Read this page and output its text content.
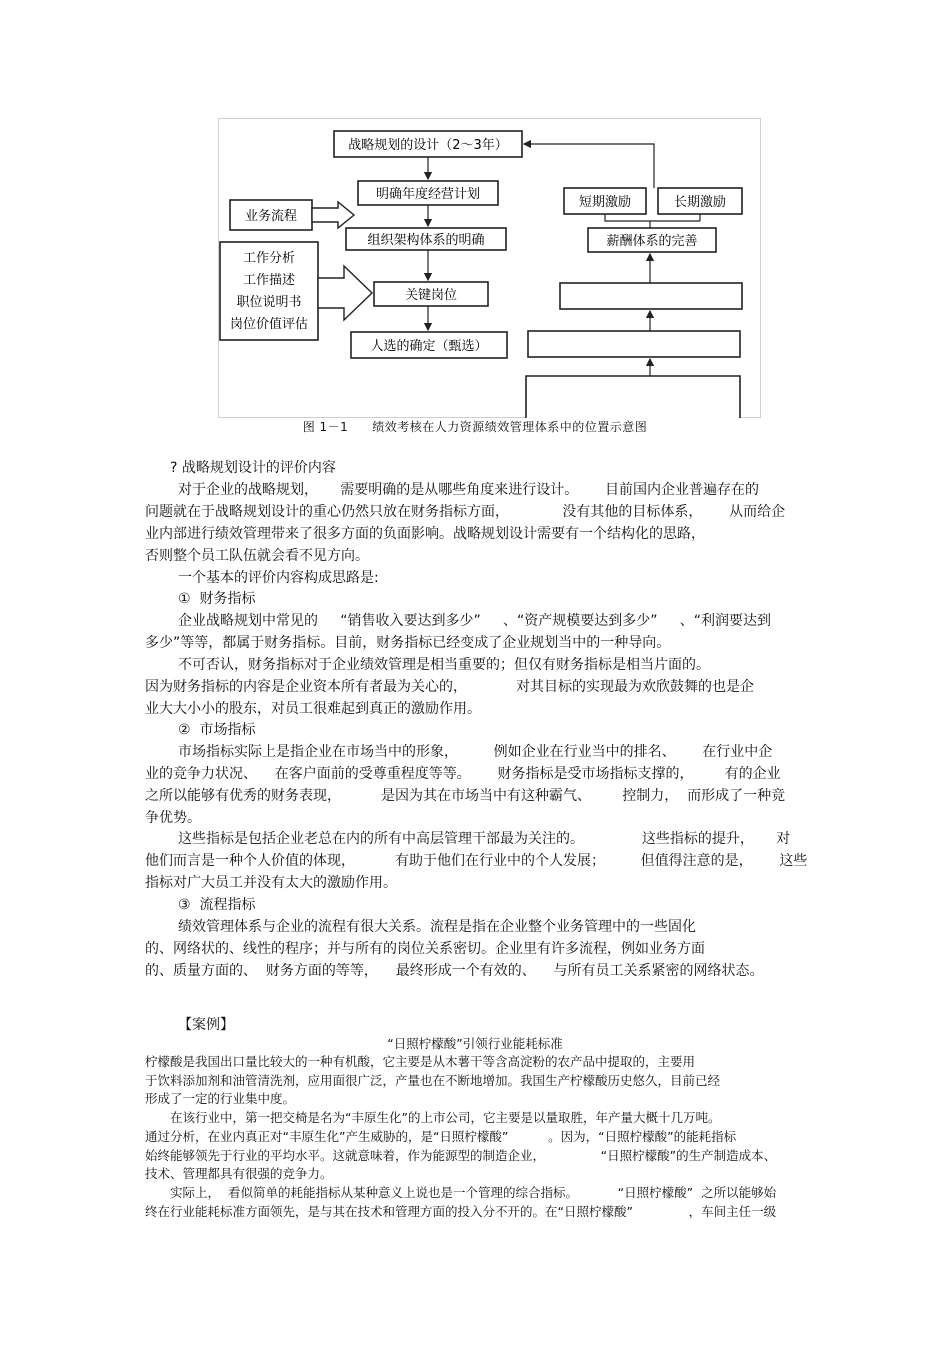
战略规划的设计（2～3年）
明确年度经营计划
组织架构体系的明确
关键岗位
人选的确定（甄选）
业务流程
工作分析
工作描述
职位说明书
岗位价值评估
短期激励	长期激励
薪酬体系的完善
图 1－1 绩效考核在人力资源绩效管理体系中的位置示意图
? 战略规划设计的评价内容
对于企业的战略规划，     需要明确的是从哪些角度来进行设计。      目前国内企业普遍存在的
问题就在于战略规划设计的重心仍然只放在财务指标方面，            没有其他的目标体系，      从而给企
业内部进行绩效管理带来了很多方面的负面影响。战略规划设计需要有一个结构化的思路，
否则整个员工队伍就会看不见方向。
一个基本的评价内容构成思路是:
①  财务指标
企业战略规划中常见的     “销售收入要达到多少”     、“资产规模要达到多少”     、“利润要达到
多少”等等，都属于财务指标。目前，财务指标已经变成了企业规划当中的一种导向。
不可否认，财务指标对于企业绩效管理是相当重要的；但仅有财务指标是相当片面的。
因为财务指标的内容是企业资本所有者最为关心的，           对其目标的实现最为欢欣鼓舞的也是企
业大大小小的股东，对员工很难起到真正的激励作用。
②  市场指标
市场指标实际上是指企业在市场当中的形象，        例如企业在行业当中的排名、      在行业中企
业的竞争力状况、    在客户面前的受尊重程度等等。      财务指标是受市场指标支撑的，       有的企业
之所以能够有优秀的财务表现，         是因为其在市场当中有这种霸气、       控制力，  而形成了一种竞
争优势。
这些指标是包括企业老总在内的所有中高层管理干部最为关注的。             这些指标的提升，     对
他们而言是一种个人价值的体现，         有助于他们在行业中的个人发展；        但值得注意的是，      这些
指标对广大员工并没有太大的激励作用。
③  流程指标
绩效管理体系与企业的流程有很大关系。流程是指在企业整个业务管理中的一些固化
的、网络状的、线性的程序；并与所有的岗位关系密切。企业里有许多流程，例如业务方面
的、质量方面的、  财务方面的等等，    最终形成一个有效的、    与所有员工关系紧密的网络状态。
【案例】
“日照柠檬酸”引领行业能耗标准
柠檬酸是我国出口量比较大的一种有机酸，它主要是从木薯干等含高淀粉的农产品中提取的，主要用
于饮料添加剂和油管清洗剂，应用面很广泛，产量也在不断地增加。我国生产柠檬酸历史悠久，目前已经
形成了一定的行业集中度。
在该行业中，第一把交椅是名为“丰原生化”的上市公司，它主要是以量取胜，年产量大概十几万吨。
通过分析，在业内真正对“丰原生化”产生威胁的，是“日照柠檬酸”          。因为，“日照柠檬酸”的能耗指标
始终能够领先于行业的平均水平。这就意味着，作为能源型的制造企业，              “日照柠檬酸”的生产制造成本、
技术、管理都具有很强的竞争力。
实际上，  看似简单的耗能指标从某种意义上说也是一个管理的综合指标。          “日照柠檬酸”  之所以能够始
终在行业能耗标准方面领先，是与其在技术和管理方面的投入分不开的。在“日照柠檬酸”              ，车间主任一级
